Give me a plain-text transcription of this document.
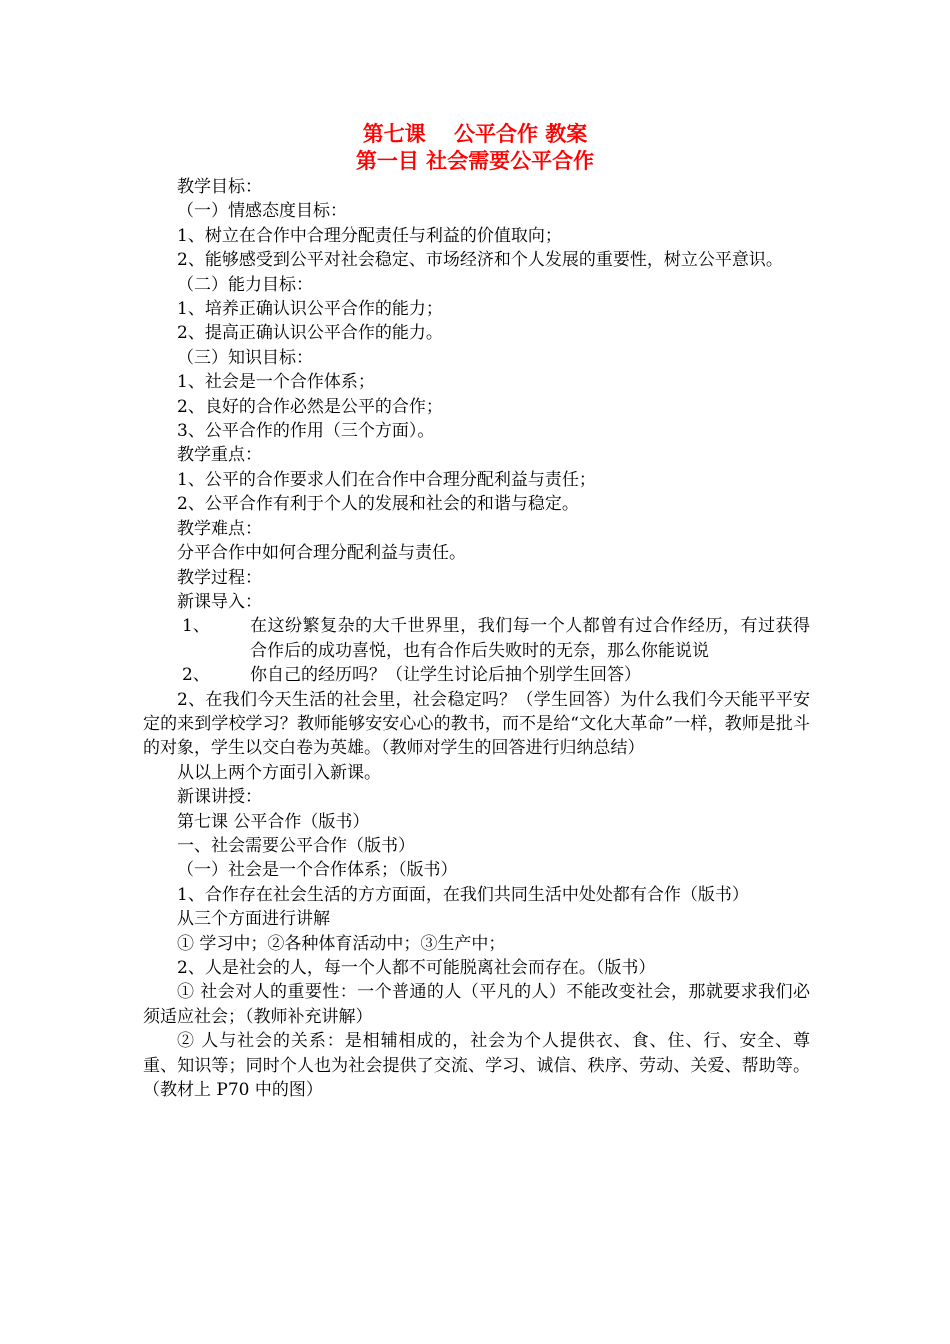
第七课　 公平合作 教案
第一目 社会需要公平合作

教学目标：

（一）情感态度目标：

1、树立在合作中合理分配责任与利益的价值取向；

2、能够感受到公平对社会稳定、市场经济和个人发展的重要性，树立公平意识。

（二）能力目标：

1、培养正确认识公平合作的能力；

2、提高正确认识公平合作的能力。

（三）知识目标：

1、社会是一个合作体系；

2、良好的合作必然是公平的合作；

3、公平合作的作用（三个方面）。

教学重点：

1、公平的合作要求人们在合作中合理分配利益与责任；

2、公平合作有利于个人的发展和社会的和谐与稳定。

教学难点：

分平合作中如何合理分配利益与责任。

教学过程：

新课导入：

1、 在这纷繁复杂的大千世界里，我们每一个人都曾有过合作经历，有过获得合作后的成功喜悦，也有合作后失败时的无奈，那么你能说说
2、 你自己的经历吗？（让学生讨论后抽个别学生回答）

2、在我们今天生活的社会里，社会稳定吗？（学生回答）为什么我们今天能平平安定的来到学校学习？教师能够安安心心的教书，而不是给“文化大革命”一样，教师是批斗的对象，学生以交白卷为英雄。（教师对学生的回答进行归纳总结）

从以上两个方面引入新课。

新课讲授：

第七课 公平合作（版书）

一、社会需要公平合作（版书）

（一）社会是一个合作体系；（版书）

1、合作存在社会生活的方方面面，在我们共同生活中处处都有合作（版书）

从三个方面进行讲解

① 学习中；②各种体育活动中；③生产中；

2、人是社会的人，每一个人都不可能脱离社会而存在。（版书）

① 社会对人的重要性：一个普通的人（平凡的人）不能改变社会，那就要求我们必须适应社会；（教师补充讲解）

② 人与社会的关系：是相辅相成的，社会为个人提供衣、食、住、行、安全、尊重、知识等；同时个人也为社会提供了交流、学习、诚信、秩序、劳动、关爱、帮助等。（教材上 P70 中的图）
